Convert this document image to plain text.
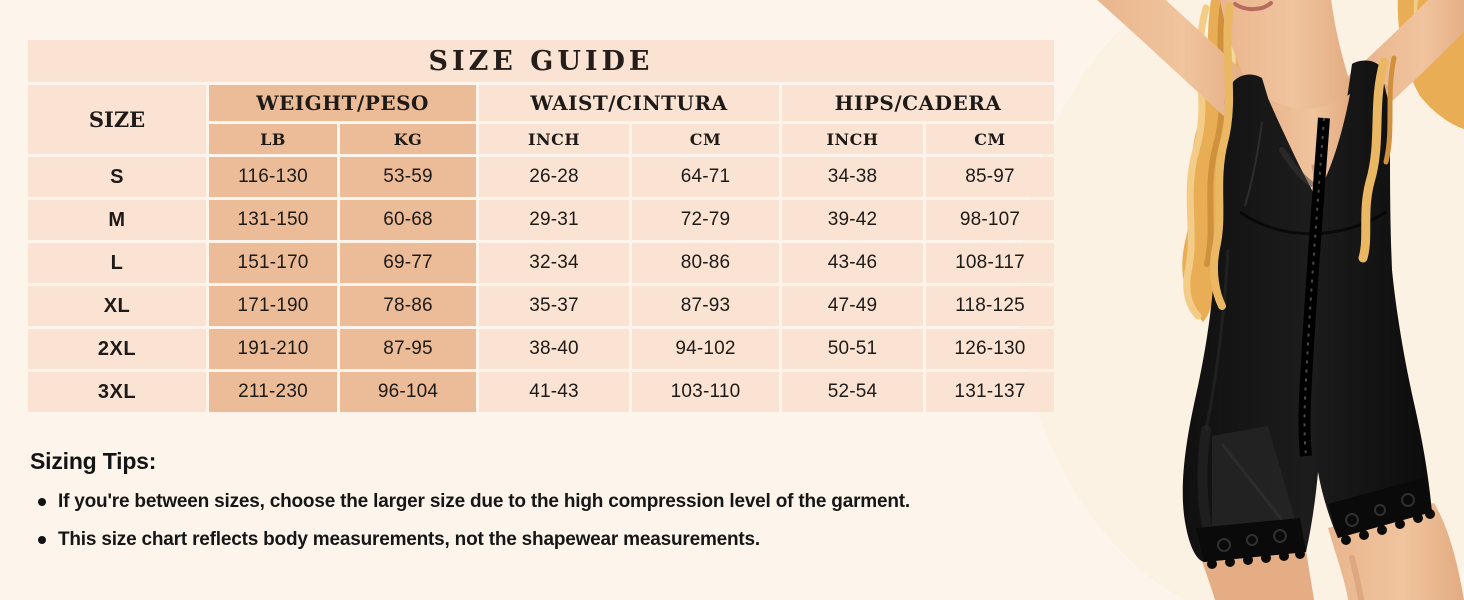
SIZE GUIDE
SIZE
WEIGHT/PESO	WAIST/CINTURA	HIPS/CADERA
LB	KG	INCH	CM	INCH	CM
S	116-130	53-59	26-28	64-71	34-38	85-97
M	131-150	60-68	29-31	72-79	39-42	98-107
L	151-170	69-77	32-34	80-86	43-46	108-117
XL	171-190	78-86	35-37	87-93	47-49	118-125
2XL	191-210	87-95	38-40	94-102	50-51	126-130
3XL	211-230	96-104	41-43	103-110	52-54	131-137
Sizing Tips:
If you're between sizes, choose the larger size due to the high compression level of the garment.
This size chart reflects body measurements, not the shapewear measurements.
